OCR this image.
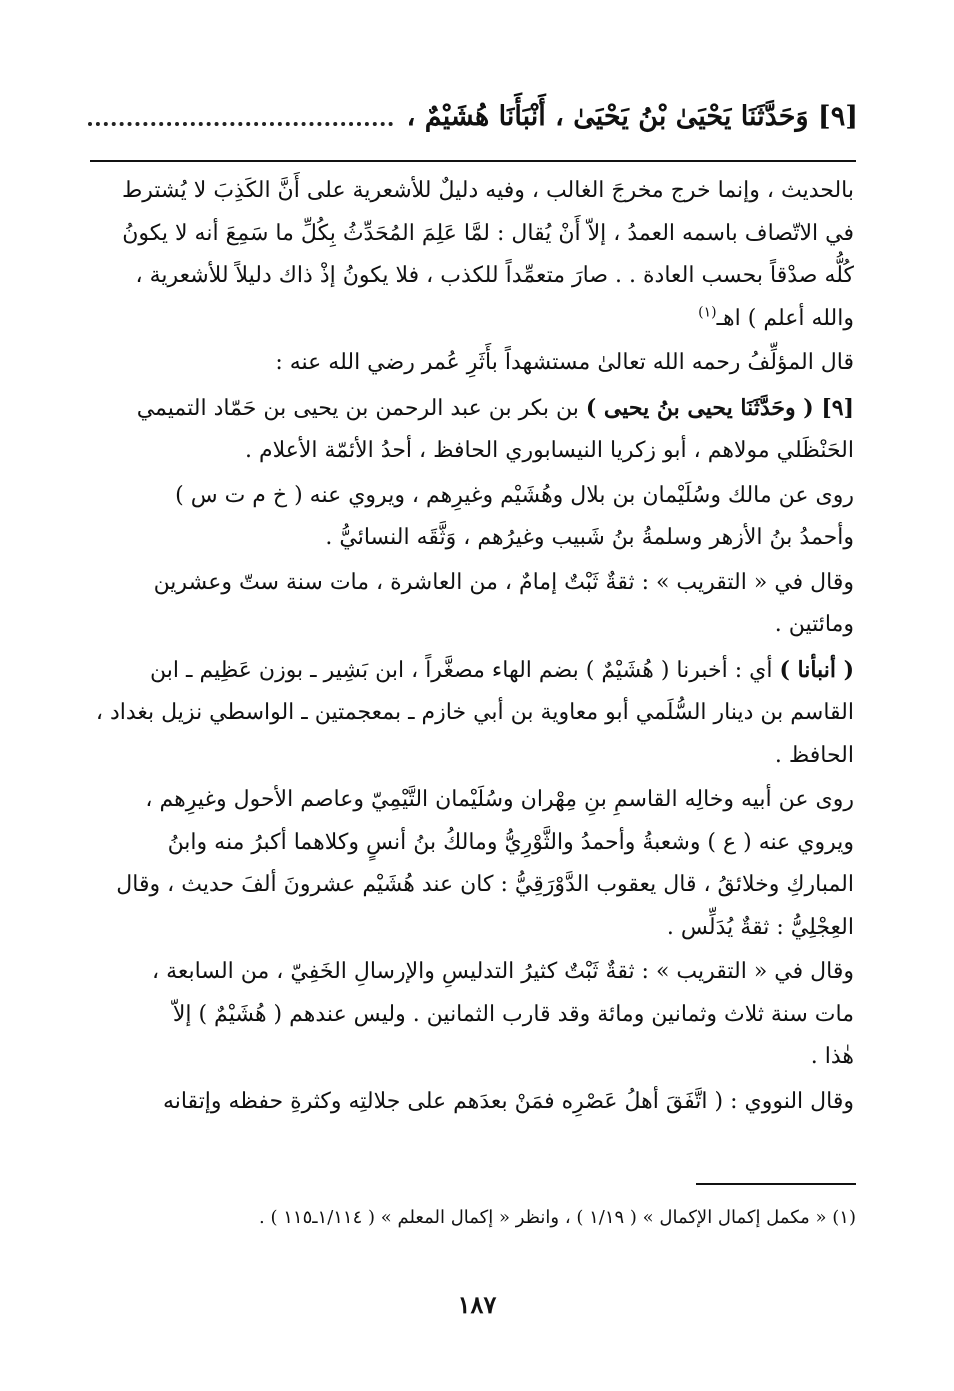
[٩] وَحَدَّثَنَا يَحْيَىٰ بْنُ يَحْيَىٰ ، أَنْبَأَنَا هُشَيْمٌ ،
بالحديث ، وإنما خرج مخرجَ الغالب ، وفيه دليلٌ للأشعرية على أَنَّ الكَذِبَ لا يُشترط
في الاتّصاف باسمه العمدُ ، إلاّ أَنْ يُقال : لمَّا عَلِمَ المُحَدِّثُ بِكُلِّ ما سَمِعَ أنه لا يكونُ
كُلُّه صدْقاً بحسب العادة . . صارَ متعمِّداً للكذب ، فلا يكونُ إذْ ذاك دليلاً للأشعرية ،
والله أعلم ) اهـ$^{(١)}$
قال المؤلِّفُ رحمه الله تعالىٰ مستشهداً بأَثَرِ عُمر رضي الله عنه :
[٩] ( وحَدَّثَنَا يحيى بنُ يحيى ) بن بكر بن عبد الرحمن بن يحيى بن حَمّاد التميمي
الحَنْظَلي مولاهم ، أبو زكريا النيسابوري الحافظ ، أحدُ الأئمّة الأعلام .
روى عن مالك وسُلَيْمان بن بلال وهُشَيْم وغيرِهم ، ويروي عنه ( خ م ت س )
وأحمدُ بنُ الأزهر وسلمةُ بنُ شَبيب وغيرُهم ، وَثَّقَه النسائيُّ .
وقال في « التقريب » : ثقةٌ ثَبْتٌ إمامٌ ، من العاشرة ، مات سنة ستّ وعشرين
ومائتين .
( أنبأنا ) أي : أخبرنا ( هُشَيْمٌ ) بضم الهاء مصغَّراً ، ابن بَشِير ـ بوزن عَظِيم ـ ابن
القاسم بن دينار السُّلَمي أبو معاوية بن أبي خازم ـ بمعجمتين ـ الواسطي نزيل بغداد ،
الحافظ .
روى عن أبيه وخالِه القاسمِ بنِ مِهْران وسُلَيْمان التَّيْمِيّ وعاصم الأحول وغيرِهم ،
ويروي عنه ( ع ) وشعبةُ وأحمدُ والثَّوْرِيُّ ومالكُ بنُ أنسٍ وكلاهما أكبرُ منه وابنُ
المباركِ وخلائقُ ، قال يعقوب الدَّوْرَقِيُّ : كان عند هُشَيْم عشرونَ ألفَ حديث ، وقال
العِجْلِيُّ : ثقةٌ يُدَلِّس .
وقال في « التقريب » : ثقةٌ ثَبْتٌ كثيرُ التدليسِ والإرسالِ الخَفِيّ ، من السابعة ،
مات سنة ثلاث وثمانين ومائة وقد قارب الثمانين . وليس عندهم ( هُشَيْمٌ ) إلاّ
هٰذا .
وقال النووي : ( اتَّفَقَ أهلُ عَصْرِه فمَنْ بعدَهم على جلالتِه وكثرةِ حفظه وإتقانه
(١) « مكمل إكمال الإكمال » ( ١/١٩ ) ، وانظر « إكمال المعلم » ( ١/١١٤ـ١١٥ ) .
١٨٧
